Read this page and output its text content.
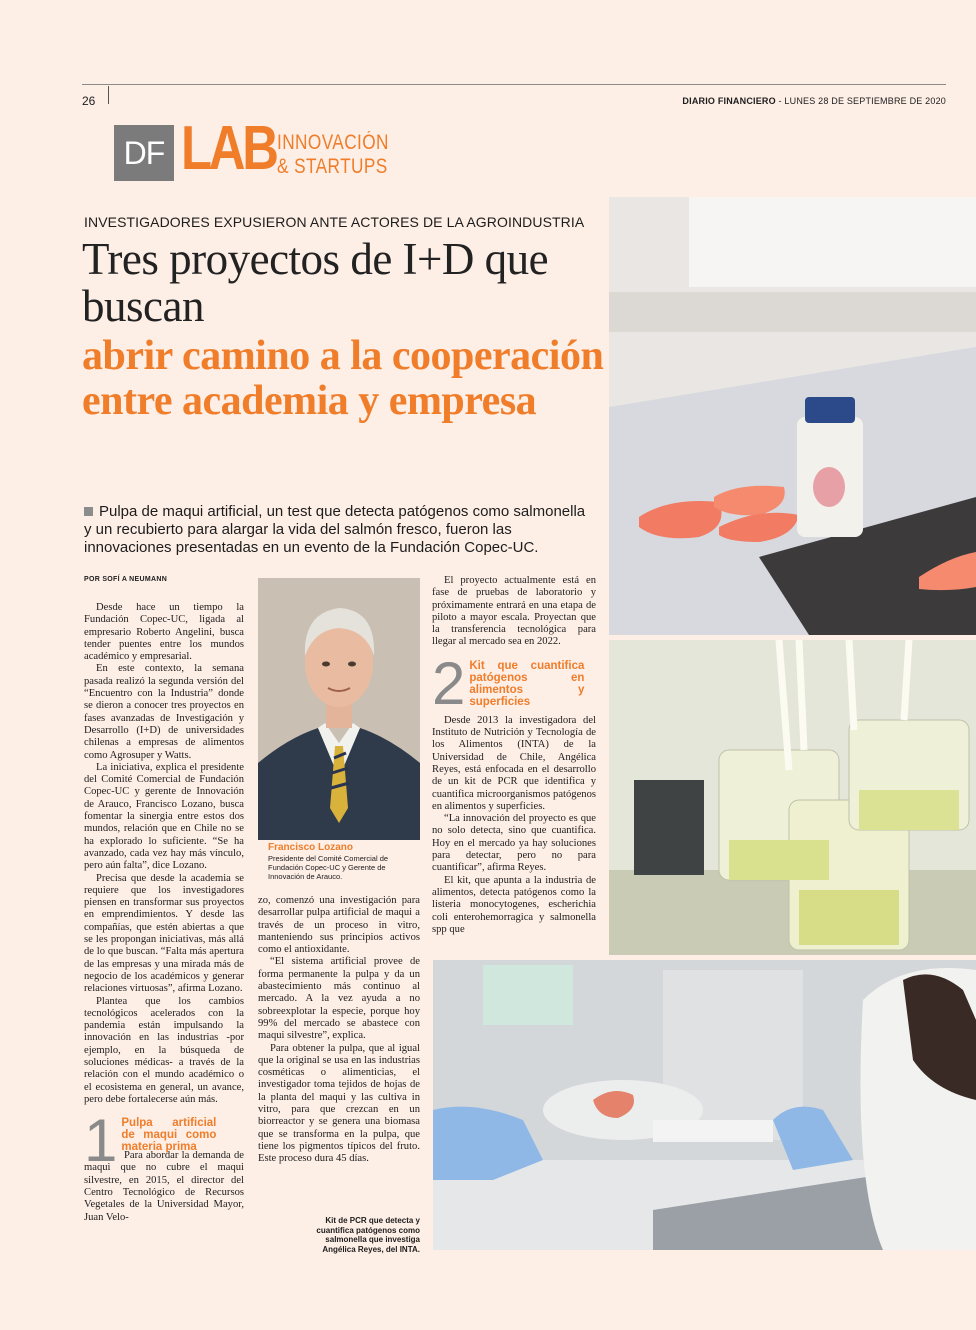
26	DIARIO FINANCIERO - LUNES 28 DE SEPTIEMBRE DE 2020
DF LAB INNOVACIÓN
& STARTUPS
INVESTIGADORES EXPUSIERON ANTE ACTORES DE LA AGROINDUSTRIA
Tres proyectos de I+D que buscan
abrir camino a la cooperación entre academia y empresa
Pulpa de maqui artificial, un test que detecta patógenos como salmonella y un recubierto para alargar la vida del salmón fresco, fueron las innovaciones presentadas en un evento de la Fundación Copec-UC.
POR SOFÍ A NEUMANN

Desde hace un tiempo la Fundación Copec-UC, ligada al empresario Roberto Angelini, busca tender puentes entre los mundos académico y empresarial.

En este contexto, la semana pasada realizó la segunda versión del “Encuentro con la Industria” donde se dieron a conocer tres proyectos en fases avanzadas de Investigación y Desarrollo (I+D) de universidades chilenas a empresas de alimentos como Agrosuper y Watts.

La iniciativa, explica el presidente del Comité Comercial de Fundación Copec-UC y gerente de Innovación de Arauco, Francisco Lozano, busca fomentar la sinergia entre estos dos mundos, relación que en Chile no se ha explorado lo suficiente. “Se ha avanzado, cada vez hay más vínculo, pero aún falta”, dice Lozano.

Precisa que desde la academia se requiere que los investigadores piensen en transformar sus proyectos en emprendimientos. Y desde las compañías, que estén abiertas a que se les propongan iniciativas, más allá de lo que buscan. “Falta más apertura de las empresas y una mirada más de negocio de los académicos y generar relaciones virtuosas”, afirma Lozano.

Plantea que los cambios tecnológicos acelerados con la pandemia están impulsando la innovación en las industrias -por ejemplo, en la búsqueda de soluciones médicas- a través de la relación con el mundo académico o el ecosistema en general, un avance, pero debe fortalecerse aún más.

1 Pulpa artificial de maqui como materia prima

Para abordar la demanda de maqui que no cubre el maqui silvestre, en 2015, el director del Centro Tecnológico de Recursos Vegetales de la Universidad Mayor, Juan Velo-

Francisco Lozano
Presidente del Comité Comercial de Fundación Copec-UC y Gerente de Innovación de Arauco.

zo, comenzó una investigación para desarrollar pulpa artificial de maqui a través de un proceso in vitro, manteniendo sus principios activos como el antioxidante.

“El sistema artificial provee de forma permanente la pulpa y da un abastecimiento más continuo al mercado. A la vez ayuda a no sobreexplotar la especie, porque hoy 99% del mercado se abastece con maqui silvestre”, explica.

Para obtener la pulpa, que al igual que la original se usa en las industrias cosméticas o alimenticias, el investigador toma tejidos de hojas de la planta del maqui y las cultiva in vitro, para que crezcan en un biorreactor y se genera una biomasa que se transforma en la pulpa, que tiene los pigmentos típicos del fruto. Este proceso dura 45 días.

El proyecto actualmente está en fase de pruebas de laboratorio y próximamente entrará en una etapa de piloto a mayor escala. Proyectan que la transferencia tecnológica para llegar al mercado sea en 2022.

2 Kit que cuantifica patógenos en alimentos y superficies

Desde 2013 la investigadora del Instituto de Nutrición y Tecnología de los Alimentos (INTA) de la Universidad de Chile, Angélica Reyes, está enfocada en el desarrollo de un kit de PCR que identifica y cuantifica microorganismos patógenos en alimentos y superficies.

“La innovación del proyecto es que no solo detecta, sino que cuantifica. Hoy en el mercado ya hay soluciones para detectar, pero no para cuantificar”, afirma Reyes.

El kit, que apunta a la industria de alimentos, detecta patógenos como la listeria monocytogenes, escherichia coli enterohemorragica y salmonella spp que

Kit de PCR que detecta y cuantifica patógenos como salmonella que investiga Angélica Reyes, del INTA.
